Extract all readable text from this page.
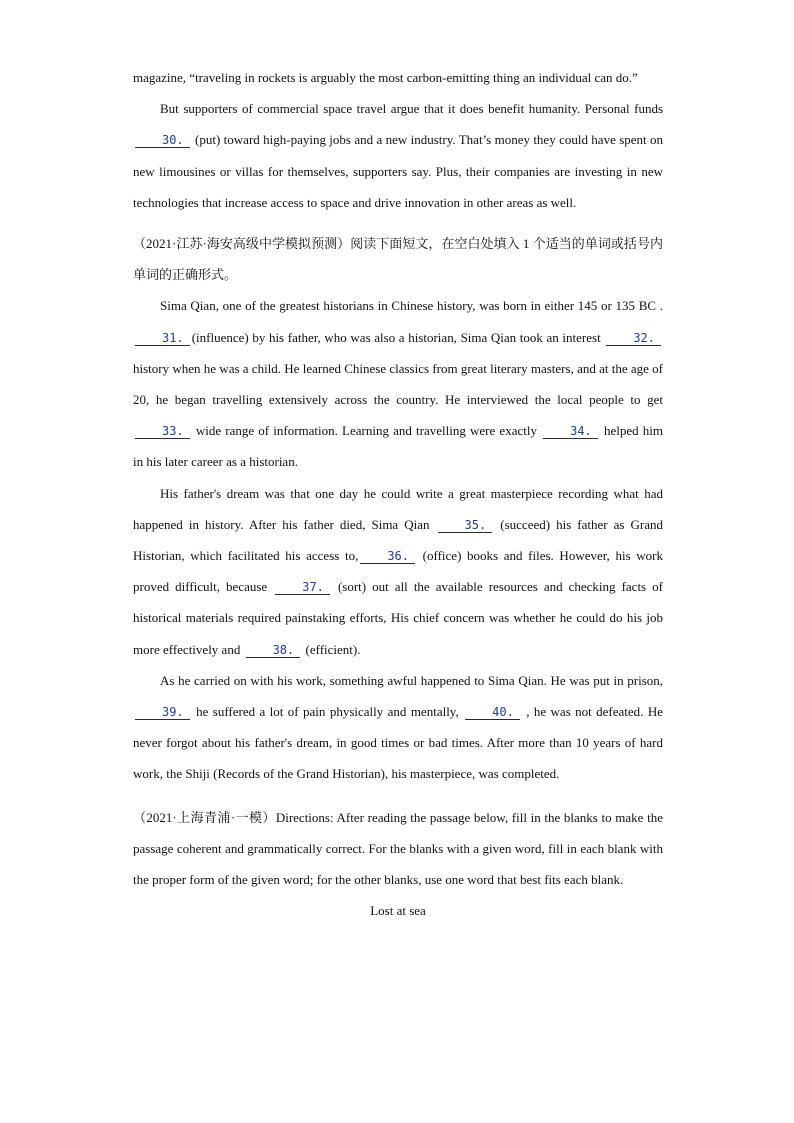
magazine, “traveling in rockets is arguably the most carbon-emitting thing an individual can do.”

But supporters of commercial space travel argue that it does benefit humanity. Personal funds 30. (put) toward high-paying jobs and a new industry. That’s money they could have spent on new limousines or villas for themselves, supporters say. Plus, their companies are investing in new technologies that increase access to space and drive innovation in other areas as well.

（2021·江苏·海安高级中学模拟预测）阅读下面短文，在空白处填入 1 个适当的单词或括号内单词的正确形式。

Sima Qian, one of the greatest historians in Chinese history, was born in either 145 or 135 BC .31. (influence) by his father, who was also a historian, Sima Qian took an interest 32. history when he was a child. He learned Chinese classics from great literary masters, and at the age of 20, he began travelling extensively across the country. He interviewed the local people to get 33. wide range of information. Learning and travelling were exactly 34. helped him in his later career as a historian.

His father's dream was that one day he could write a great masterpiece recording what had happened in history. After his father died, Sima Qian 35. (succeed) his father as Grand Historian, which facilitated his access to, 36. (office) books and files. However, his work proved difficult, because 37. (sort) out all the available resources and checking facts of historical materials required painstaking efforts, His chief concern was whether he could do his job more effectively and 38. (efficient).

As he carried on with his work, something awful happened to Sima Qian. He was put in prison, 39. he suffered a lot of pain physically and mentally, 40. , he was not defeated. He never forgot about his father's dream, in good times or bad times. After more than 10 years of hard work, the Shiji (Records of the Grand Historian), his masterpiece, was completed.

（2021·上海青浦·一模）Directions: After reading the passage below, fill in the blanks to make the passage coherent and grammatically correct. For the blanks with a given word, fill in each blank with the proper form of the given word; for the other blanks, use one word that best fits each blank.

Lost at sea
